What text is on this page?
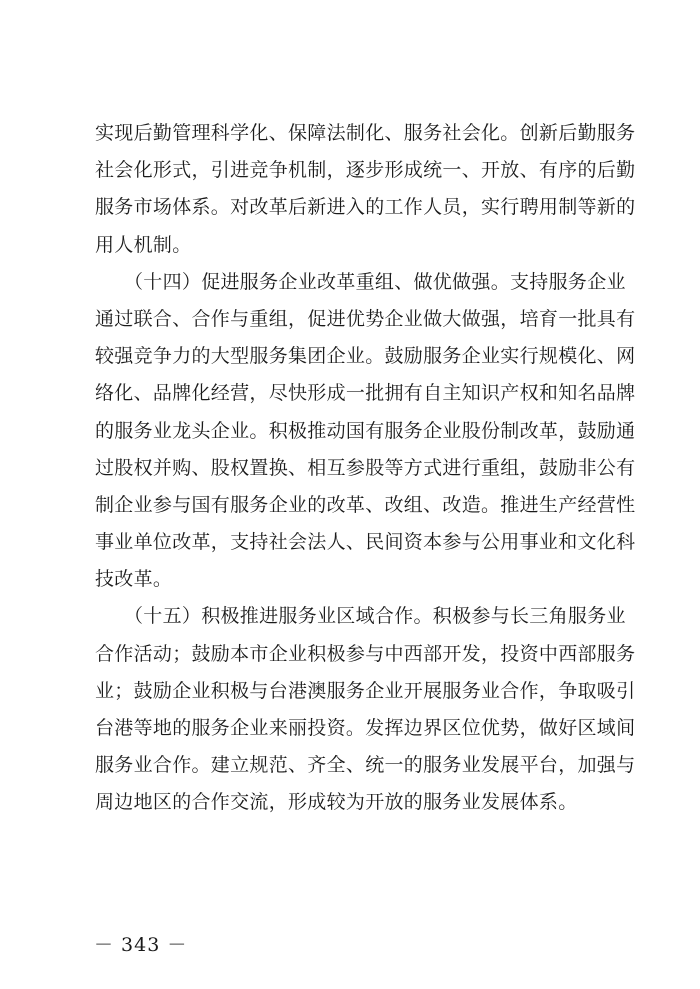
实现后勤管理科学化、保障法制化、服务社会化。创新后勤服务
社会化形式，引进竞争机制，逐步形成统一、开放、有序的后勤
服务市场体系。对改革后新进入的工作人员，实行聘用制等新的
用人机制。
（十四）促进服务企业改革重组、做优做强。支持服务企业
通过联合、合作与重组，促进优势企业做大做强，培育一批具有
较强竞争力的大型服务集团企业。鼓励服务企业实行规模化、网
络化、品牌化经营，尽快形成一批拥有自主知识产权和知名品牌
的服务业龙头企业。积极推动国有服务企业股份制改革，鼓励通
过股权并购、股权置换、相互参股等方式进行重组，鼓励非公有
制企业参与国有服务企业的改革、改组、改造。推进生产经营性
事业单位改革，支持社会法人、民间资本参与公用事业和文化科
技改革。
（十五）积极推进服务业区域合作。积极参与长三角服务业
合作活动；鼓励本市企业积极参与中西部开发，投资中西部服务
业；鼓励企业积极与台港澳服务企业开展服务业合作，争取吸引
台港等地的服务企业来丽投资。发挥边界区位优势，做好区域间
服务业合作。建立规范、齐全、统一的服务业发展平台，加强与
周边地区的合作交流，形成较为开放的服务业发展体系。
－ 343 －
